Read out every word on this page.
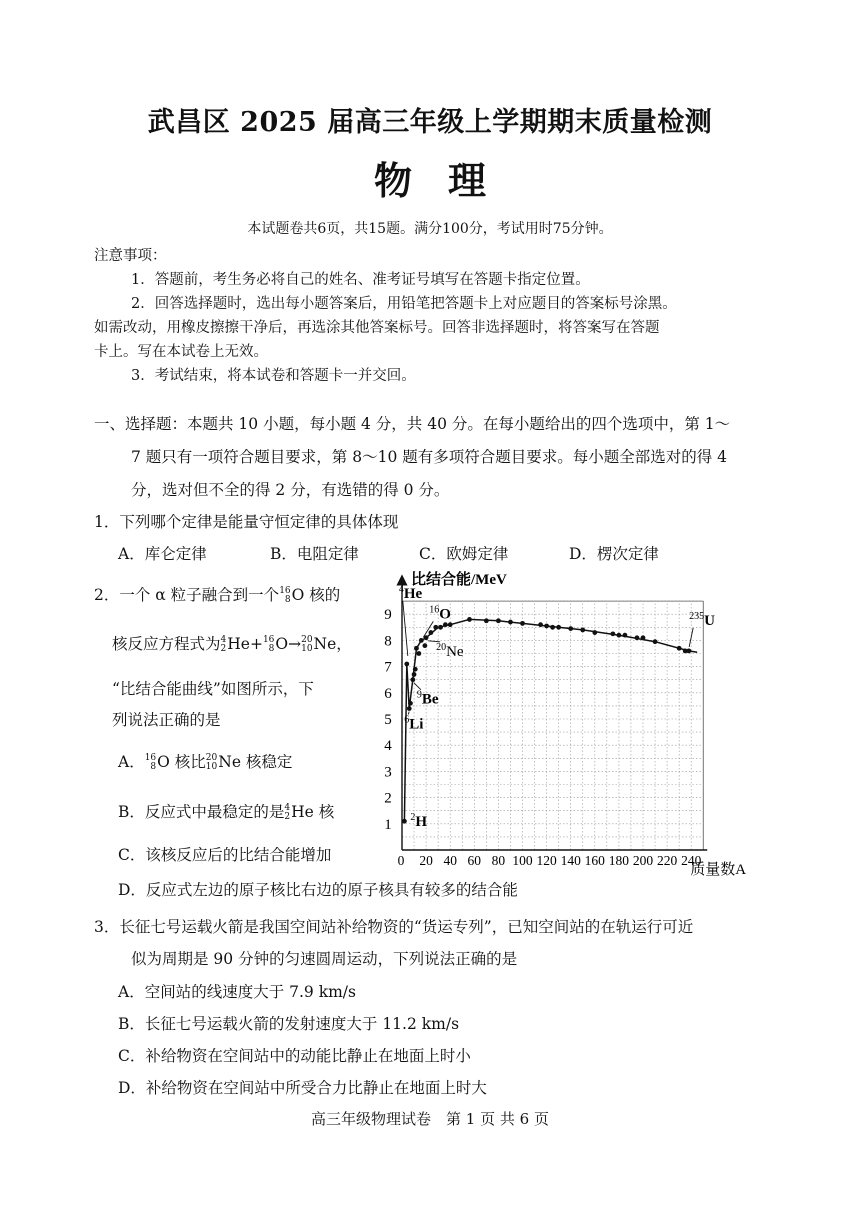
武昌区 2025 届高三年级上学期期末质量检测
物 理
本试题卷共6页，共15题。满分100分，考试用时75分钟。
注意事项：
1．答题前，考生务必将自己的姓名、准考证号填写在答题卡指定位置。
2．回答选择题时，选出每小题答案后，用铅笔把答题卡上对应题目的答案标号涂黑。
如需改动，用橡皮擦擦干净后，再选涂其他答案标号。回答非选择题时，将答案写在答题
卡上。写在本试卷上无效。
3．考试结束，将本试卷和答题卡一并交回。
一、选择题：本题共 10 小题，每小题 4 分，共 40 分。在每小题给出的四个选项中，第 1～
7 题只有一项符合题目要求，第 8～10 题有多项符合题目要求。每小题全部选对的得 4
分，选对但不全的得 2 分，有选错的得 0 分。
1．下列哪个定律是能量守恒定律的具体体现
A．库仑定律	B．电阻定律	C．欧姆定律	D．楞次定律
2．一个 α 粒子融合到一个 16
8 O 核的
核反应方程式为 4
2 He+ 16
8 O→ 20
10 Ne，
“比结合能曲线”如图所示，下
列说法正确的是
A． 16
8 O 核比 20
10 Ne 核稳定
B．反应式中最稳定的是 4
2 He 核
C．该核反应后的比结合能增加
D．反应式左边的原子核比右边的原子核具有较多的结合能
比结合能/MeV
质量数A
20 40 60 80 100 120 140 160 180 200 220 240
0
1
2
3
4
5
6
7
8
9
$^4$He
$^{16}$O	$^{235}$U
$^{20}$Ne
$^9$Be
$^6$Li
$^2$H
3．长征七号运载火箭是我国空间站补给物资的“货运专列”，已知空间站的在轨运行可近
似为周期是 90 分钟的匀速圆周运动，下列说法正确的是
A．空间站的线速度大于 7.9 km/s
B．长征七号运载火箭的发射速度大于 11.2 km/s
C．补给物资在空间站中的动能比静止在地面上时小
D．补给物资在空间站中所受合力比静止在地面上时大
高三年级物理试卷　第 1 页 共 6 页
